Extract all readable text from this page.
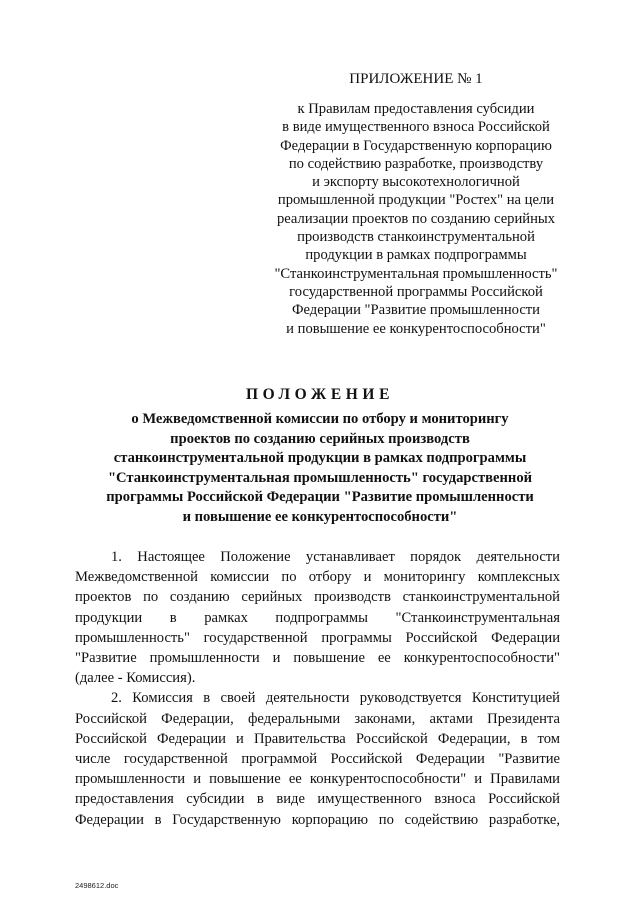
ПРИЛОЖЕНИЕ № 1
к Правилам предоставления субсидии
в виде имущественного взноса Российской
Федерации в Государственную корпорацию
по содействию разработке, производству
и экспорту высокотехнологичной
промышленной продукции "Ростех" на цели
реализации проектов по созданию серийных
производств станкоинструментальной
продукции в рамках подпрограммы
"Станкоинструментальная промышленность"
государственной программы Российской
Федерации "Развитие промышленности
и повышение ее конкурентоспособности"
ПОЛОЖЕНИЕ
о Межведомственной комиссии по отбору и мониторингу
проектов по созданию серийных производств
станкоинструментальной продукции в рамках подпрограммы
"Станкоинструментальная промышленность" государственной
программы Российской Федерации "Развитие промышленности
и повышение ее конкурентоспособности"
1. Настоящее Положение устанавливает порядок деятельности
Межведомственной комиссии по отбору и мониторингу комплексных
проектов по созданию серийных производств станкоинструментальной
продукции в рамках подпрограммы "Станкоинструментальная
промышленность" государственной программы Российской Федерации
"Развитие промышленности и повышение ее конкурентоспособности"
(далее - Комиссия).
2. Комиссия в своей деятельности руководствуется Конституцией
Российской Федерации, федеральными законами, актами Президента
Российской Федерации и Правительства Российской Федерации, в том
числе государственной программой Российской Федерации "Развитие
промышленности и повышение ее конкурентоспособности" и Правилами
предоставления субсидии в виде имущественного взноса Российской
Федерации в Государственную корпорацию по содействию разработке,
2498612.doc
